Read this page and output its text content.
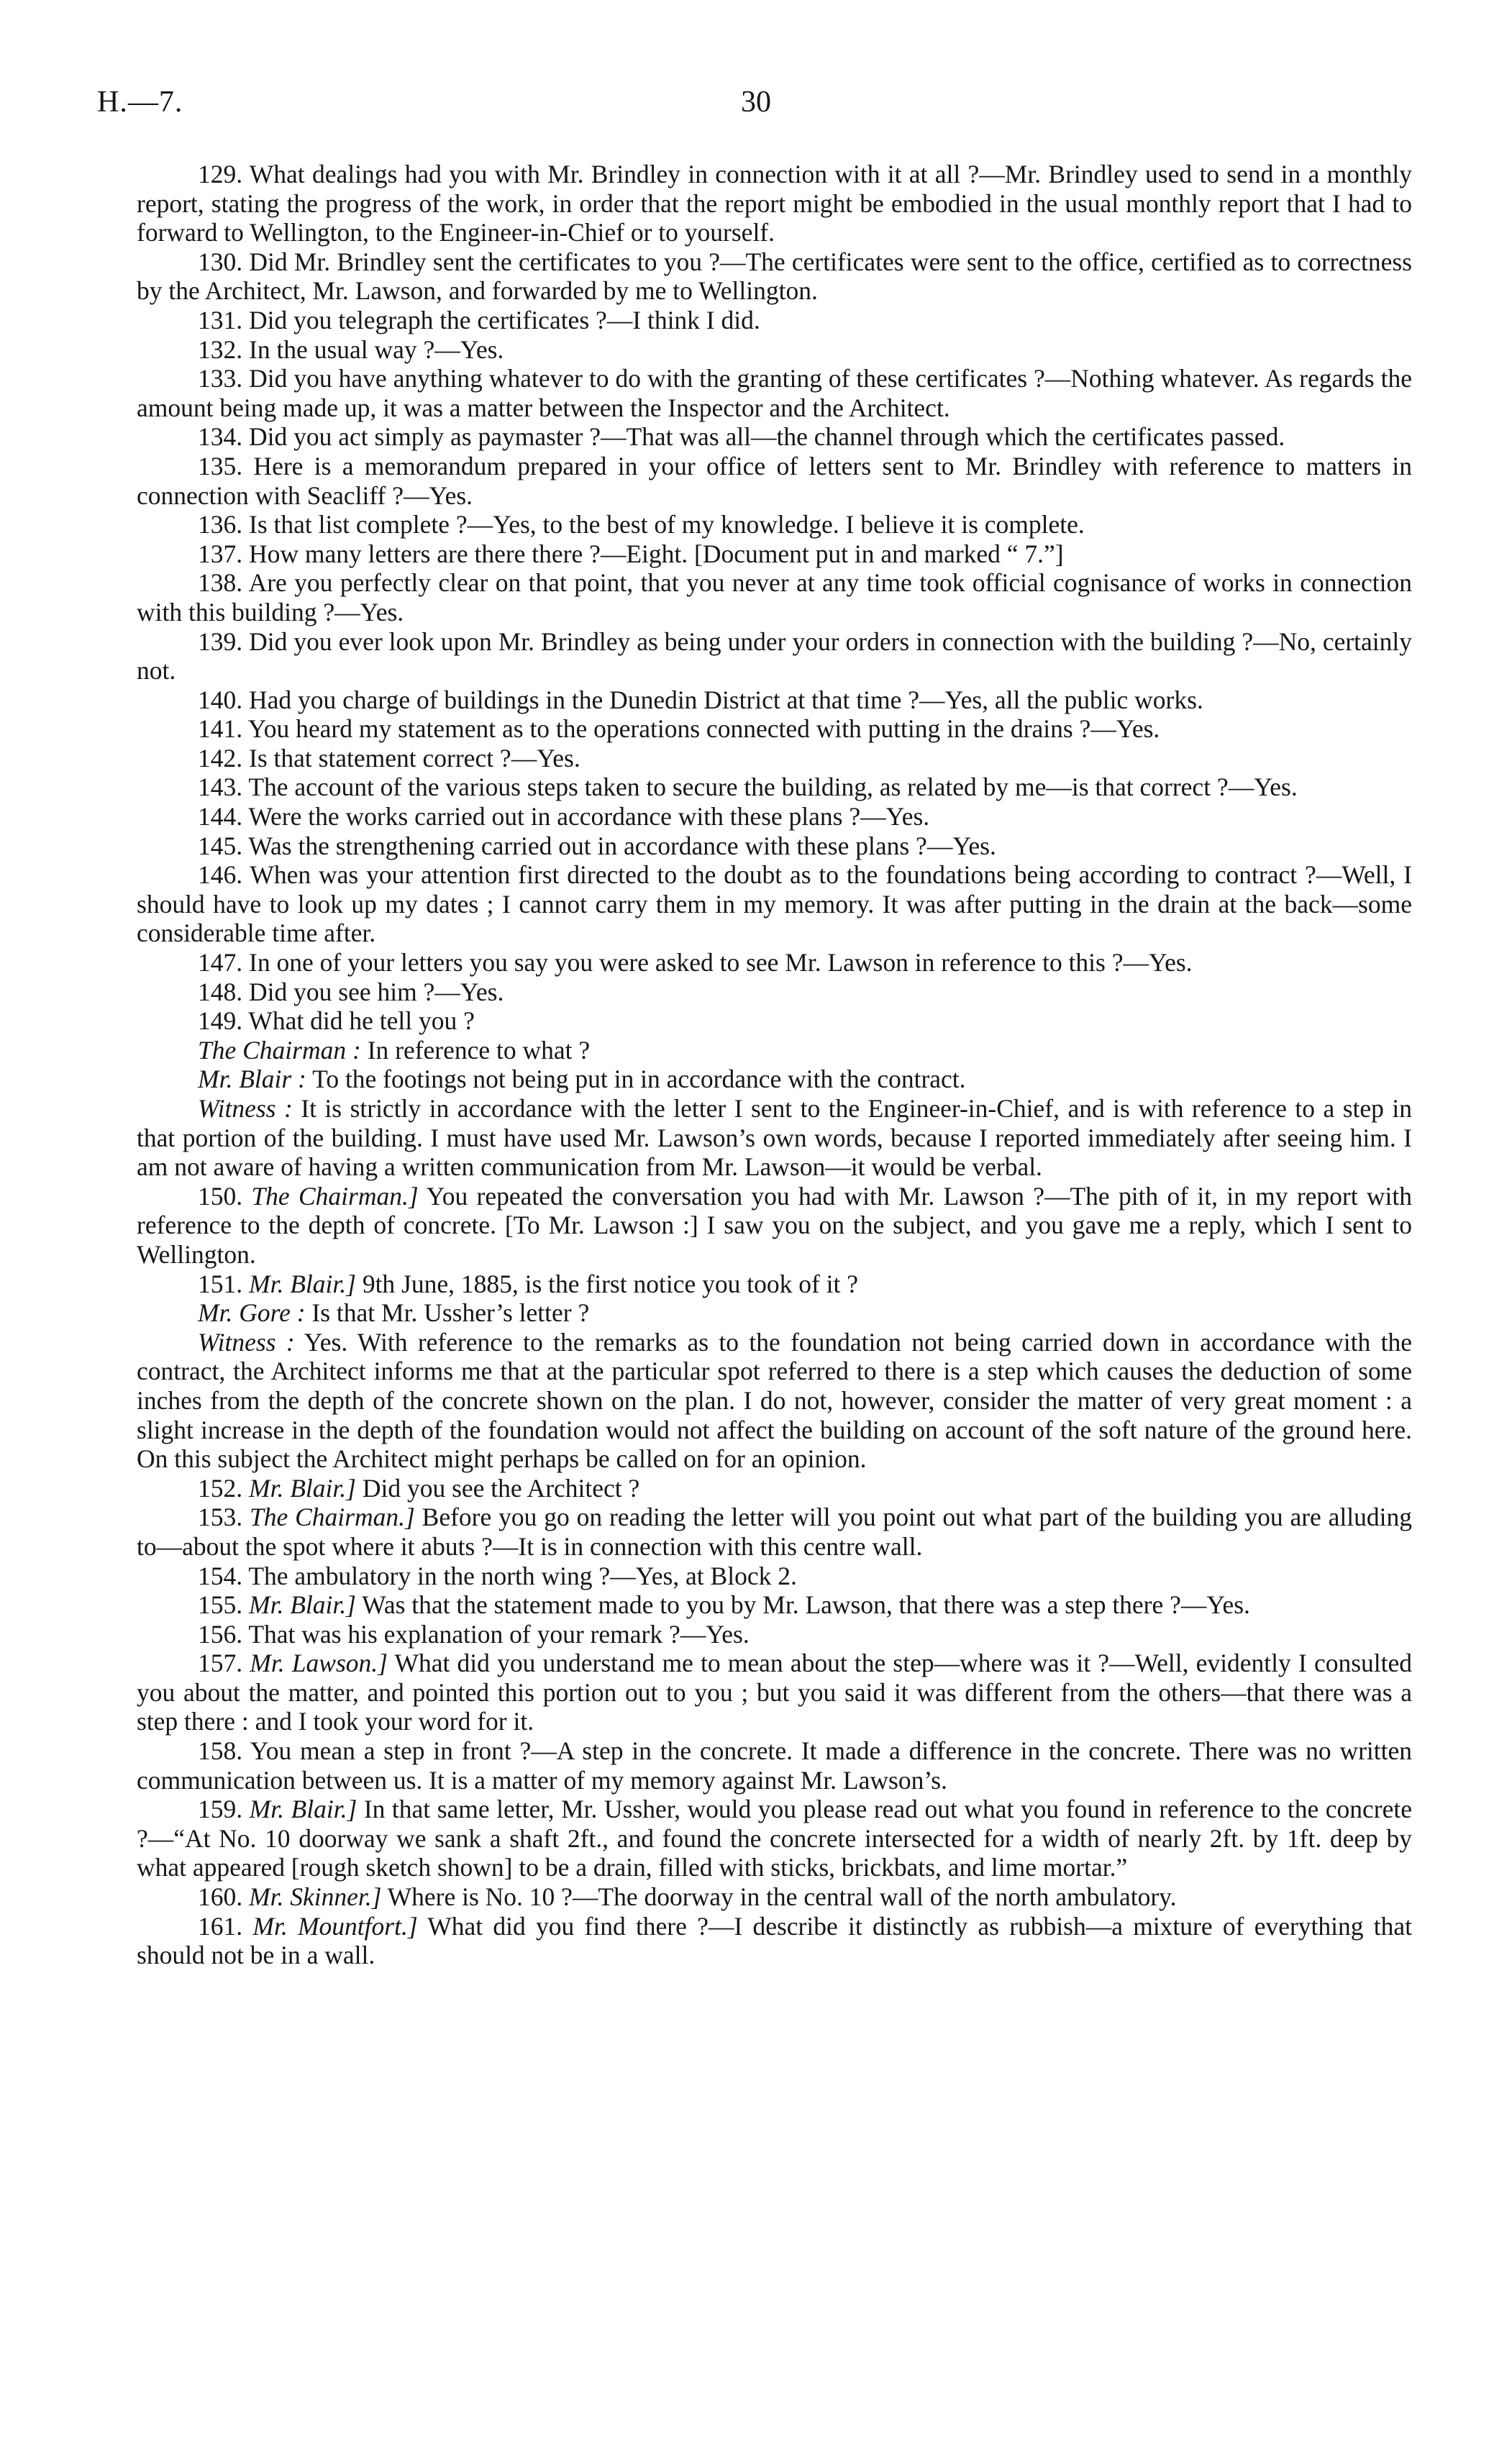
H.—7.	30

129. What dealings had you with Mr. Brindley in connection with it at all ?—Mr. Brindley used to send in a monthly report, stating the progress of the work, in order that the report might be embodied in the usual monthly report that I had to forward to Wellington, to the Engineer-in-Chief or to yourself.

130. Did Mr. Brindley sent the certificates to you ?—The certificates were sent to the office, certified as to correctness by the Architect, Mr. Lawson, and forwarded by me to Wellington.

131. Did you telegraph the certificates ?—I think I did.

132. In the usual way ?—Yes.

133. Did you have anything whatever to do with the granting of these certificates ?—Nothing whatever. As regards the amount being made up, it was a matter between the Inspector and the Architect.

134. Did you act simply as paymaster ?—That was all—the channel through which the certificates passed.

135. Here is a memorandum prepared in your office of letters sent to Mr. Brindley with reference to matters in connection with Seacliff ?—Yes.

136. Is that list complete ?—Yes, to the best of my knowledge. I believe it is complete.

137. How many letters are there there ?—Eight. [Document put in and marked “ 7.”]

138. Are you perfectly clear on that point, that you never at any time took official cognisance of works in connection with this building ?—Yes.

139. Did you ever look upon Mr. Brindley as being under your orders in connection with the building ?—No, certainly not.

140. Had you charge of buildings in the Dunedin District at that time ?—Yes, all the public works.

141. You heard my statement as to the operations connected with putting in the drains ?—Yes.

142. Is that statement correct ?—Yes.

143. The account of the various steps taken to secure the building, as related by me—is that correct ?—Yes.

144. Were the works carried out in accordance with these plans ?—Yes.

145. Was the strengthening carried out in accordance with these plans ?—Yes.

146. When was your attention first directed to the doubt as to the foundations being according to contract ?—Well, I should have to look up my dates ; I cannot carry them in my memory. It was after putting in the drain at the back—some considerable time after.

147. In one of your letters you say you were asked to see Mr. Lawson in reference to this ?—Yes.

148. Did you see him ?—Yes.

149. What did he tell you ?

The Chairman : In reference to what ?

Mr. Blair : To the footings not being put in in accordance with the contract.

Witness : It is strictly in accordance with the letter I sent to the Engineer-in-Chief, and is with reference to a step in that portion of the building. I must have used Mr. Lawson’s own words, because I reported immediately after seeing him. I am not aware of having a written communication from Mr. Lawson—it would be verbal.

150. The Chairman.] You repeated the conversation you had with Mr. Lawson ?—The pith of it, in my report with reference to the depth of concrete. [To Mr. Lawson :] I saw you on the subject, and you gave me a reply, which I sent to Wellington.

151. Mr. Blair.] 9th June, 1885, is the first notice you took of it ?

Mr. Gore : Is that Mr. Ussher’s letter ?

Witness : Yes. With reference to the remarks as to the foundation not being carried down in accordance with the contract, the Architect informs me that at the particular spot referred to there is a step which causes the deduction of some inches from the depth of the concrete shown on the plan. I do not, however, consider the matter of very great moment : a slight increase in the depth of the foundation would not affect the building on account of the soft nature of the ground here. On this subject the Architect might perhaps be called on for an opinion.

152. Mr. Blair.] Did you see the Architect ?

153. The Chairman.] Before you go on reading the letter will you point out what part of the building you are alluding to—about the spot where it abuts ?—It is in connection with this centre wall.

154. The ambulatory in the north wing ?—Yes, at Block 2.

155. Mr. Blair.] Was that the statement made to you by Mr. Lawson, that there was a step there ?—Yes.

156. That was his explanation of your remark ?—Yes.

157. Mr. Lawson.] What did you understand me to mean about the step—where was it ?—Well, evidently I consulted you about the matter, and pointed this portion out to you ; but you said it was different from the others—that there was a step there : and I took your word for it.

158. You mean a step in front ?—A step in the concrete. It made a difference in the concrete. There was no written communication between us. It is a matter of my memory against Mr. Lawson’s.

159. Mr. Blair.] In that same letter, Mr. Ussher, would you please read out what you found in reference to the concrete ?—“At No. 10 doorway we sank a shaft 2ft., and found the concrete intersected for a width of nearly 2ft. by 1ft. deep by what appeared [rough sketch shown] to be a drain, filled with sticks, brickbats, and lime mortar.”

160. Mr. Skinner.] Where is No. 10 ?—The doorway in the central wall of the north ambulatory.

161. Mr. Mountfort.] What did you find there ?—I describe it distinctly as rubbish—a mixture of everything that should not be in a wall.
